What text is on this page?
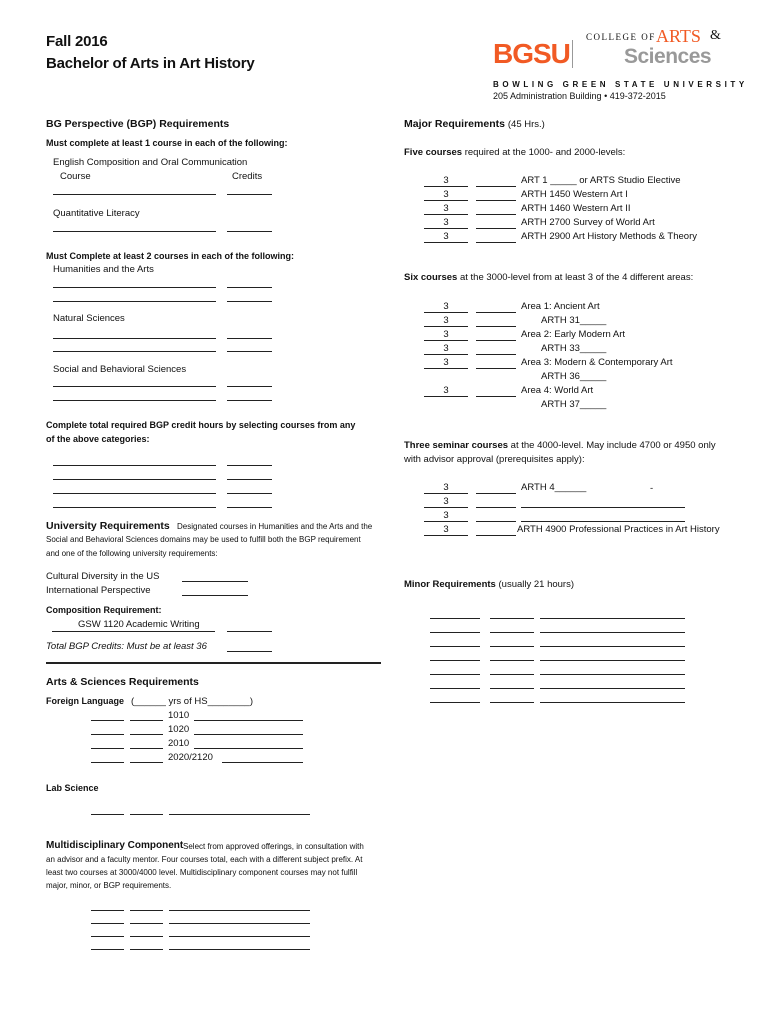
Fall 2016
Bachelor of Arts in Art History	BGSU
COLLEGE OF ARTS &
Sciences
BOWLING GREEN STATE UNIVERSITY
205 Administration Building • 419-372-2015
BG Perspective (BGP) Requirements
Must complete at least 1 course in each of the following:
English Composition and Oral Communication
Course	Credits
Quantitative Literacy
Must Complete at least 2 courses in each of the following:
Humanities and the Arts
Natural Sciences
Social and Behavioral Sciences
Complete total required BGP credit hours by selecting courses from any
of the above categories:
University Requirements Designated courses in Humanities and the Arts and the
Social and Behavioral Sciences domains may be used to fulfill both the BGP requirement
and one of the following university requirements:
Cultural Diversity in the US
International Perspective
Composition Requirement:
GSW 1120 Academic Writing
Total BGP Credits: Must be at least 36
Arts & Sciences Requirements
Foreign Language (______ yrs of HS________)
1010
1020
2010
2020/2120
Lab Science
Multidisciplinary Component Select from approved offerings, in consultation with
an advisor and a faculty mentor. Four courses total, each with a different subject prefix. At
least two courses at 3000/4000 level. Multidisciplinary component courses may not fulfill
major, minor, or BGP requirements.
Major Requirements (45 Hrs.)
Five courses required at the 1000- and 2000-levels:
3	ART 1 _____ or ARTS Studio Elective
3	ARTH 1450 Western Art I
3	ARTH 1460 Western Art II
3	ARTH 2700 Survey of World Art
3	ARTH 2900 Art History Methods & Theory
Six courses at the 3000-level from at least 3 of the 4 different areas:
3	Area 1: Ancient Art
3	ARTH 31_____
3	Area 2: Early Modern Art
3	ARTH 33_____
3	Area 3: Modern & Contemporary Art
ARTH 36_____
3	Area 4: World Art
ARTH 37_____
Three seminar courses at the 4000-level. May include 4700 or 4950 only
with advisor approval (prerequisites apply):
3	ARTH 4______	-
3
3
3	ARTH 4900 Professional Practices in Art History
Minor Requirements (usually 21 hours)
